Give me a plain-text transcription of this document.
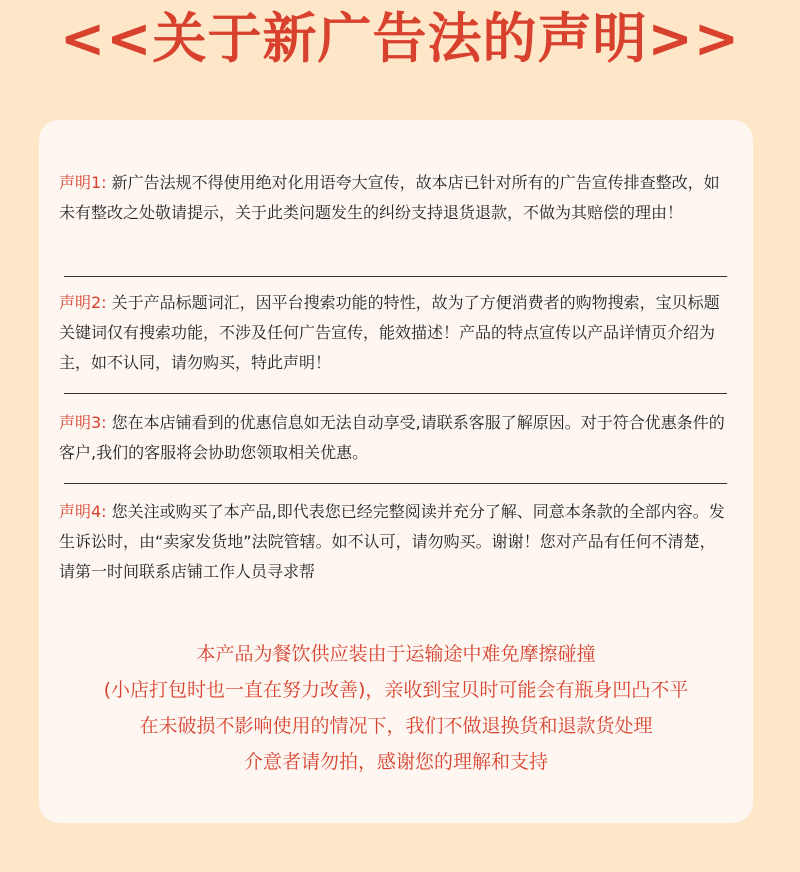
<<关于新广告法的声明>>

声明1: 新广告法规不得使用绝对化用语夸大宣传，故本店已针对所有的广告宣传排查整改，如未有整改之处敬请提示，关于此类问题发生的纠纷支持退货退款，不做为其赔偿的理由！

声明2: 关于产品标题词汇，因平台搜索功能的特性，故为了方便消费者的购物搜索，宝贝标题关键词仅有搜索功能，不涉及任何广告宣传，能效描述！产品的特点宣传以产品详情页介绍为主，如不认同，请勿购买，特此声明！

声明3: 您在本店铺看到的优惠信息如无法自动享受,请联系客服了解原因。对于符合优惠条件的客户,我们的客服将会协助您领取相关优惠。

声明4: 您关注或购买了本产品,即代表您已经完整阅读并充分了解、同意本条款的全部内容。发生诉讼时，由“卖家发货地”法院管辖。如不认可，请勿购买。谢谢！您对产品有任何不清楚，请第一时间联系店铺工作人员寻求帮

本产品为餐饮供应装由于运输途中难免摩擦碰撞
(小店打包时也一直在努力改善)，亲收到宝贝时可能会有瓶身凹凸不平
在未破损不影响使用的情况下，我们不做退换货和退款货处理
介意者请勿拍，感谢您的理解和支持
